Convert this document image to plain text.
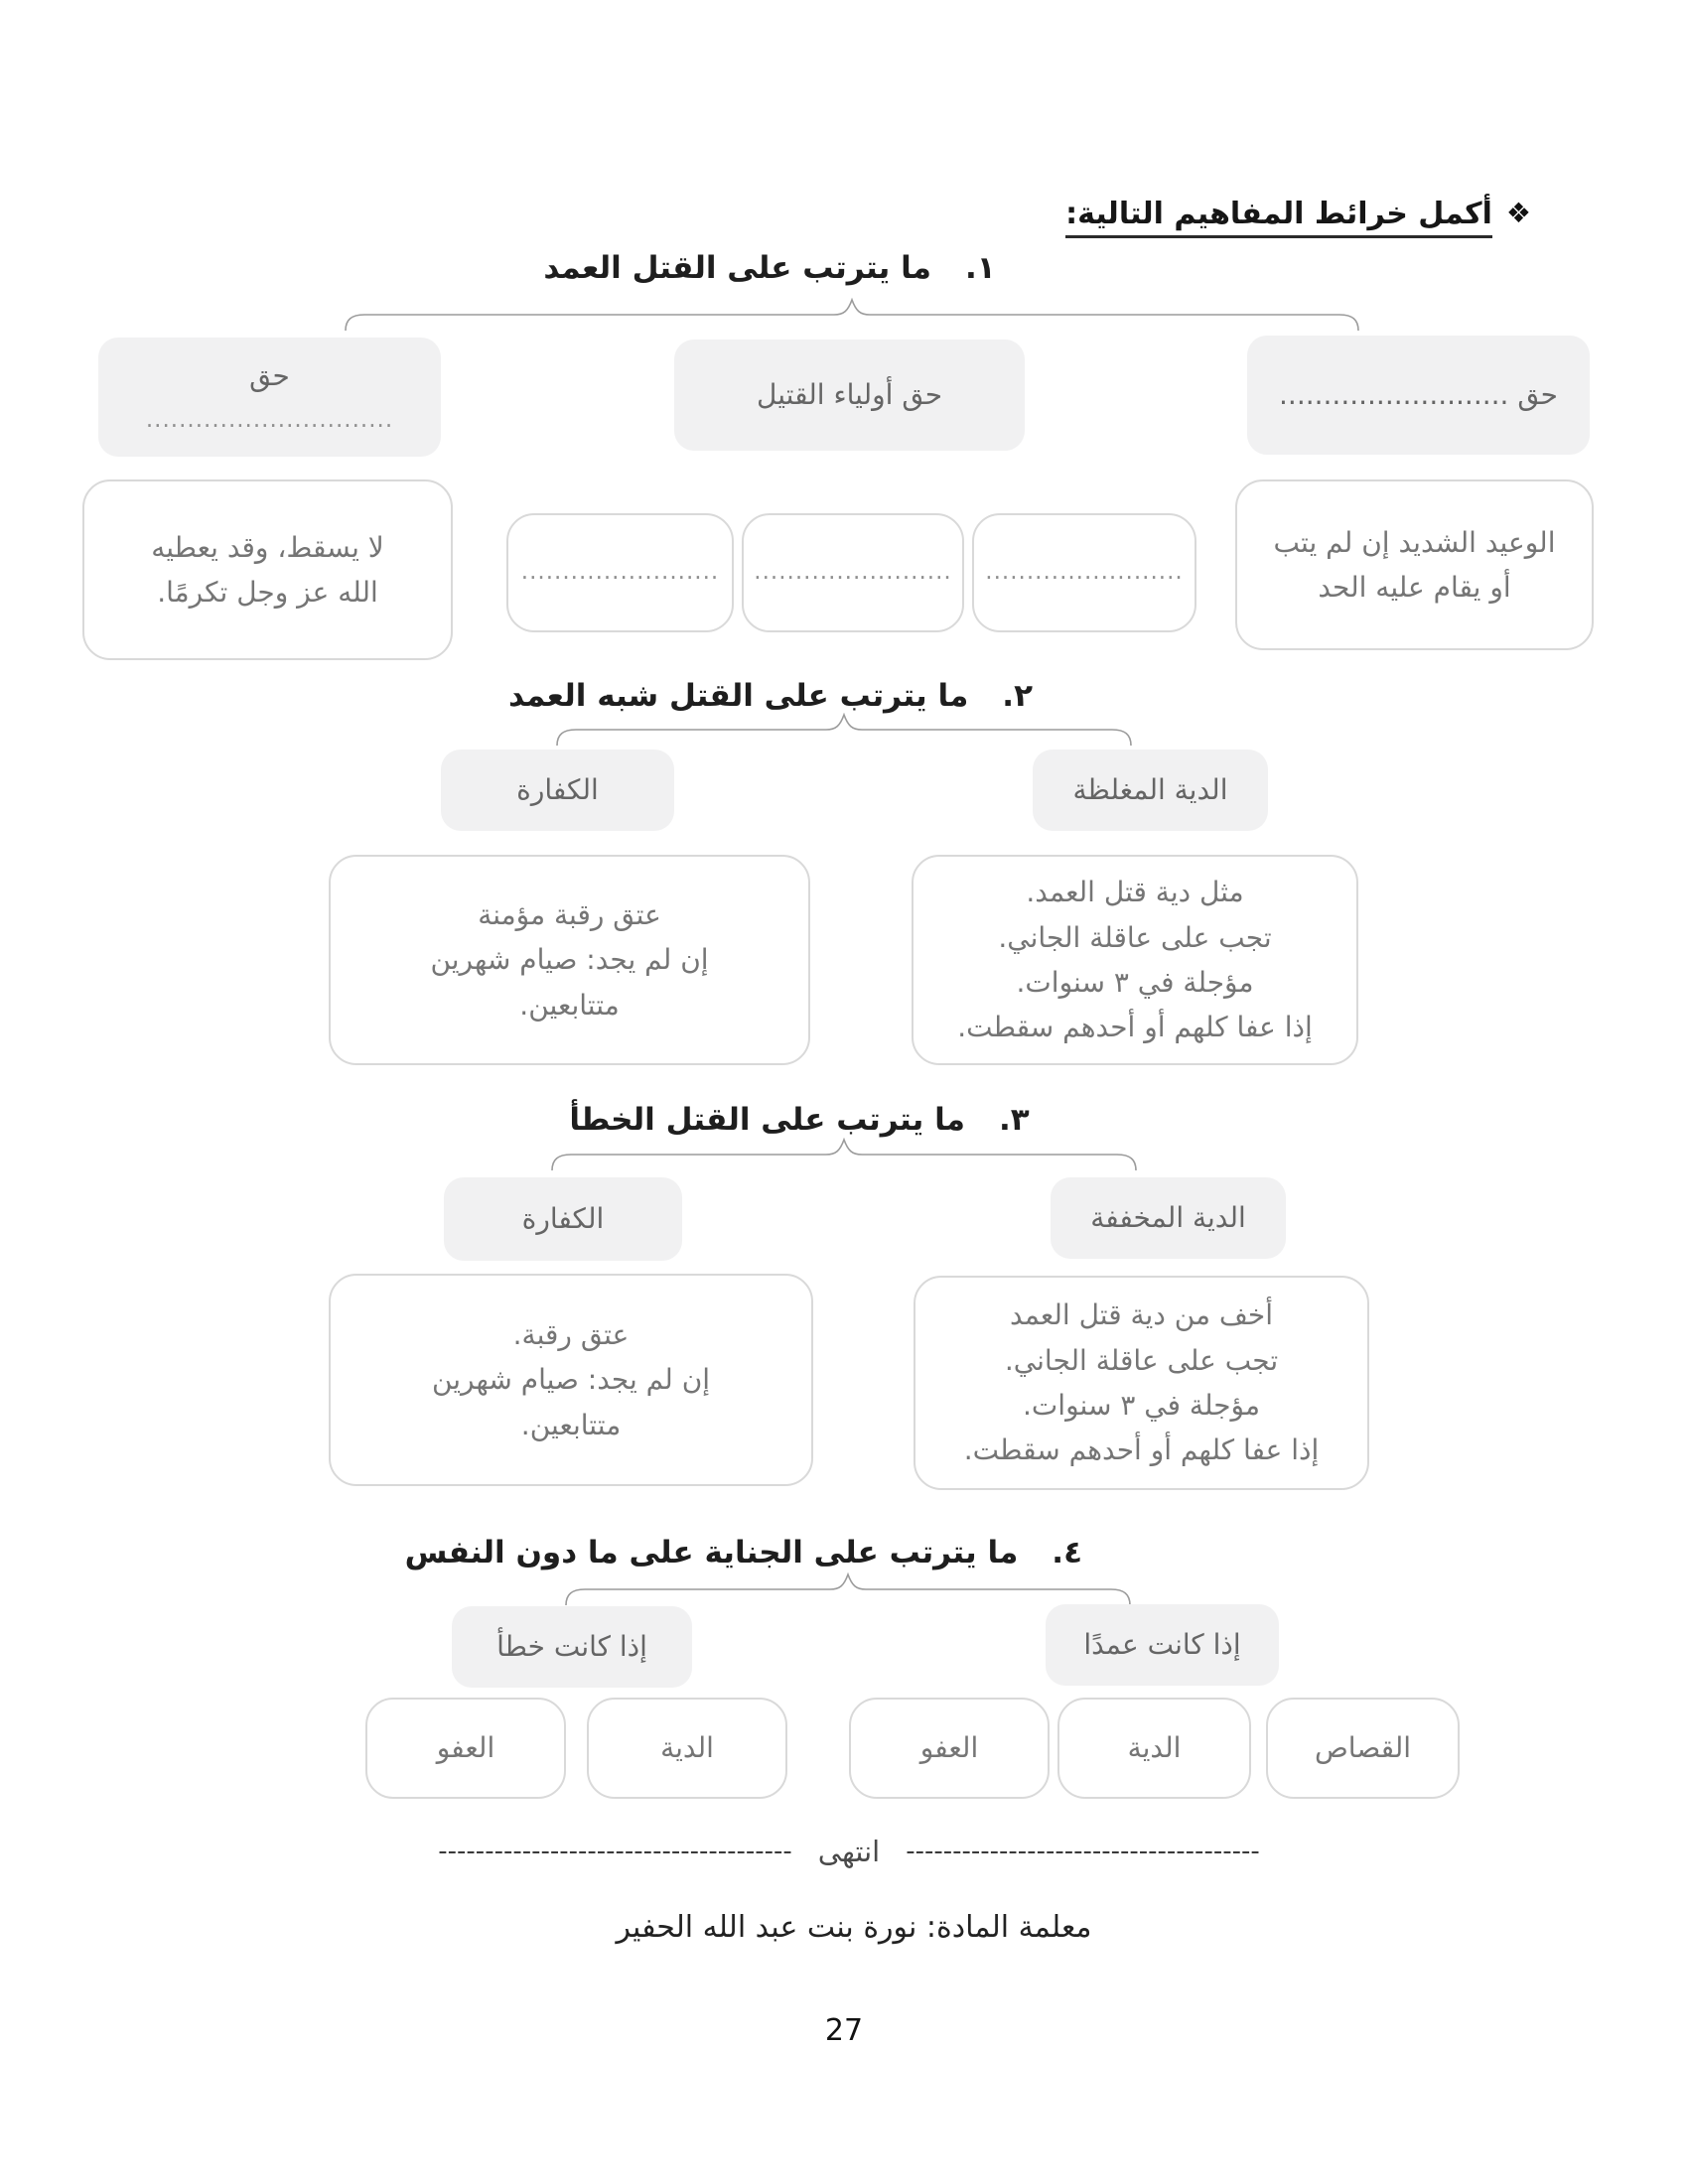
❖
أكمل خرائط المفاهيم التالية:
١.ما يترتب على القتل العمد
حق
..............................
حق أولياء القتيل	حق ..........................
لا يسقط، وقد يعطيه
الله عز وجل تكرمًا.
........................ ........................ ........................
الوعيد الشديد إن لم يتب
أو يقام عليه الحد
٢.ما يترتب على القتل شبه العمد
الكفارة	الدية المغلظة
عتق رقبة مؤمنة
إن لم يجد: صيام شهرين
متتابعين.
مثل دية قتل العمد.
تجب على عاقلة الجاني.
مؤجلة في ٣ سنوات.
إذا عفا كلهم أو أحدهم سقطت.
٣.ما يترتب على القتل الخطأ
الكفارة	الدية المخففة
عتق رقبة.
إن لم يجد: صيام شهرين
متتابعين.
أخف من دية قتل العمد
تجب على عاقلة الجاني.
مؤجلة في ٣ سنوات.
إذا عفا كلهم أو أحدهم سقطت.
٤.ما يترتب على الجناية على ما دون النفس
إذا كانت خطأ	إذا كانت عمدًا
القصاص
الدية
العفو
الدية
العفو
--------------------------------------
انتهى
--------------------------------------
معلمة المادة: نورة بنت عبد الله الحفير
27
